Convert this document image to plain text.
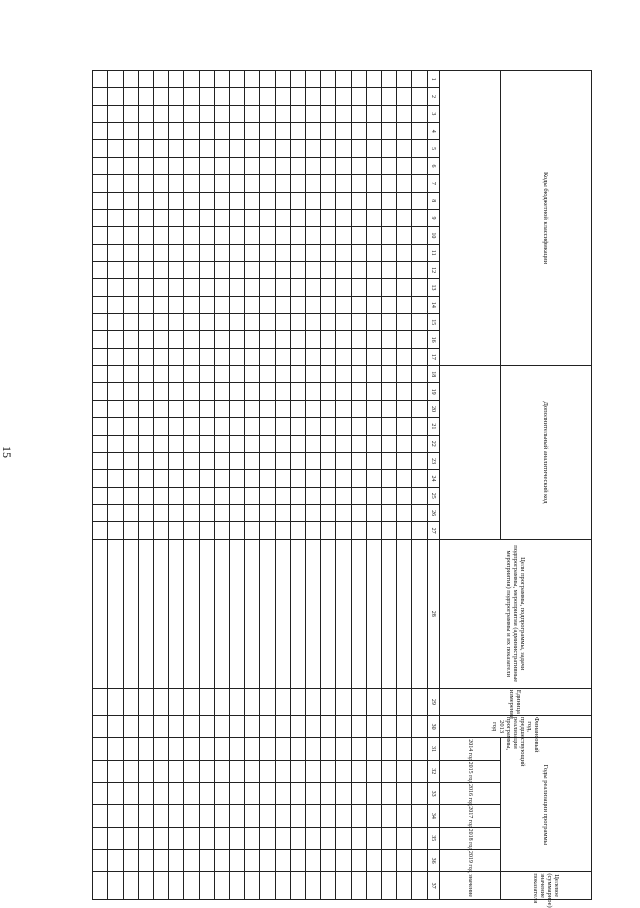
15
Коды бюджетной классификации																	Дополнительный аналитический код										Цели программы, подпрограммы, задачи подпрограммы, мероприятия (административные мероприятия) подпрограммы и их показатели	Единица измерения	Финансовый год, предшествующий реализации программы, 2013 год	Годы реализации программы						Целевое (суммарное) значение показателя
																														2014 год	2015 год	2016 год	2017 год	2018 год	2019 год	значение
1	2	3	4	5	6	7	8	9	10	11	12	13	14	15	16	17	18	19	20	21	22	23	24	25	26	27	28	29	30	31	32	33	34	35	36	37
